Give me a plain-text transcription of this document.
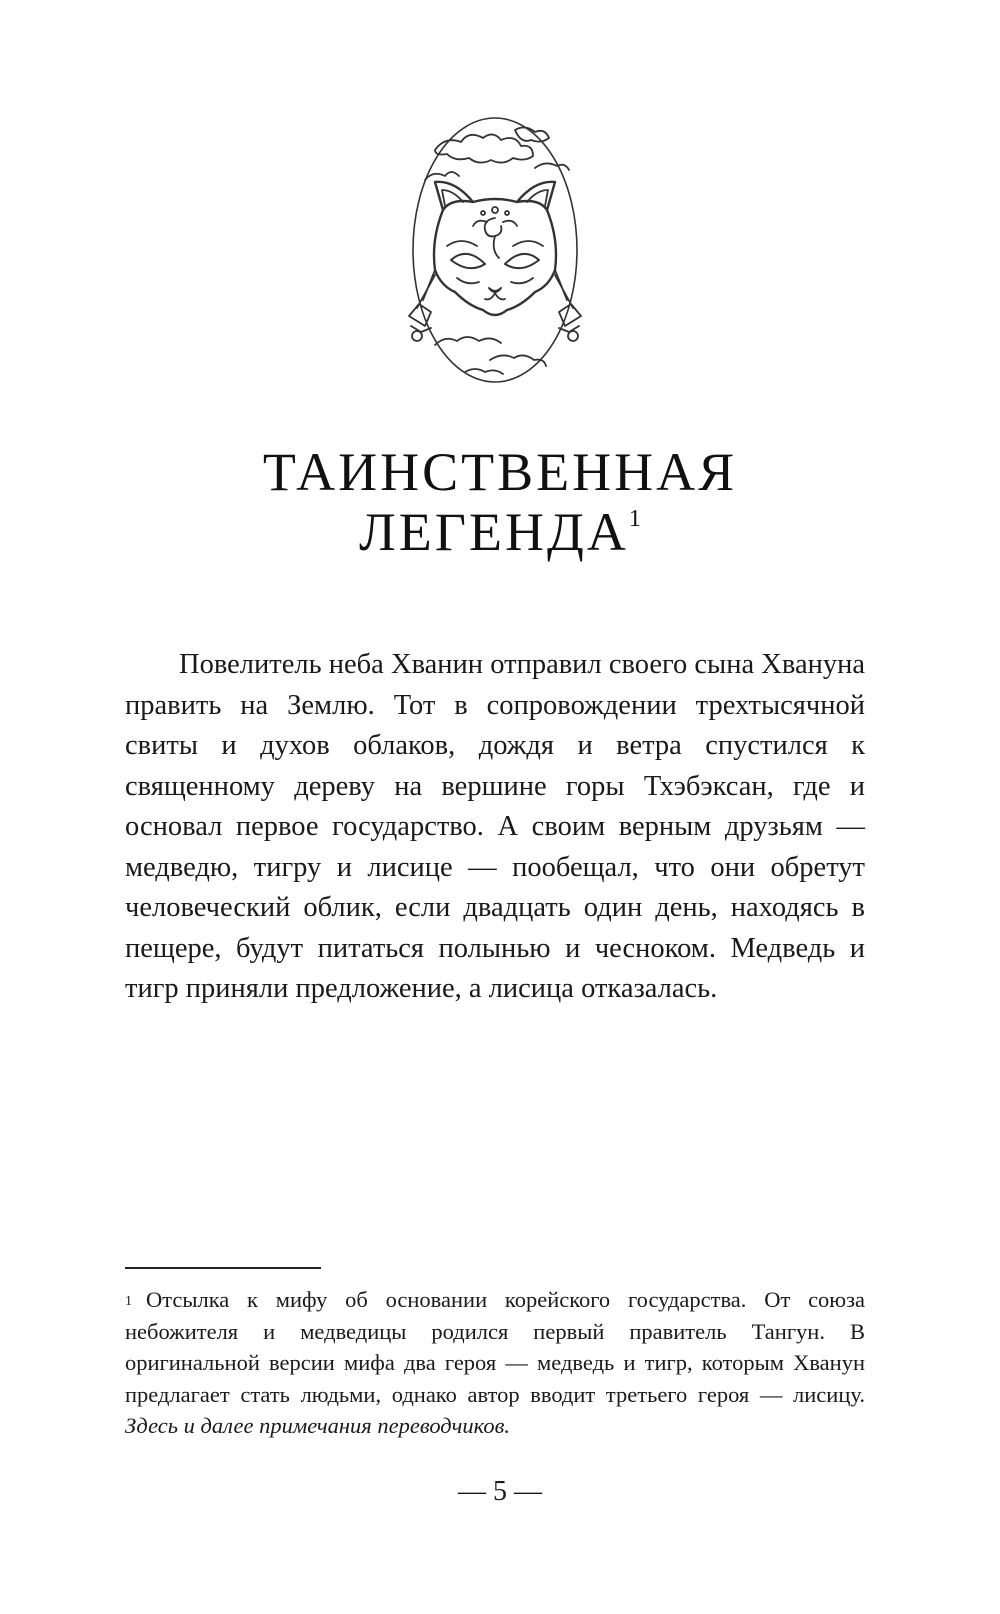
ТАИНСТВЕННАЯ
ЛЕГЕНДА$^1$

Повелитель неба Хванин отправил своего сына Хвануна править на Землю. Тот в сопровождении трехтысячной свиты и духов облаков, дождя и ветра спустился к священному дереву на вершине горы Тхэбэксан, где и основал первое государство. А своим верным друзьям — медведю, тигру и лисице — пообещал, что они обретут человеческий облик, если двадцать один день, находясь в пещере, будут питаться полынью и чесноком. Медведь и тигр приняли предложение, а лисица отказалась.

$^1$ Отсылка к мифу об основании корейского государства. От союза небожителя и медведицы родился первый правитель Тангун. В оригинальной версии мифа два героя — медведь и тигр, которым Хванун предлагает стать людьми, однако автор вводит третьего героя — лисицу. Здесь и далее примечания переводчиков.

— 5 —
